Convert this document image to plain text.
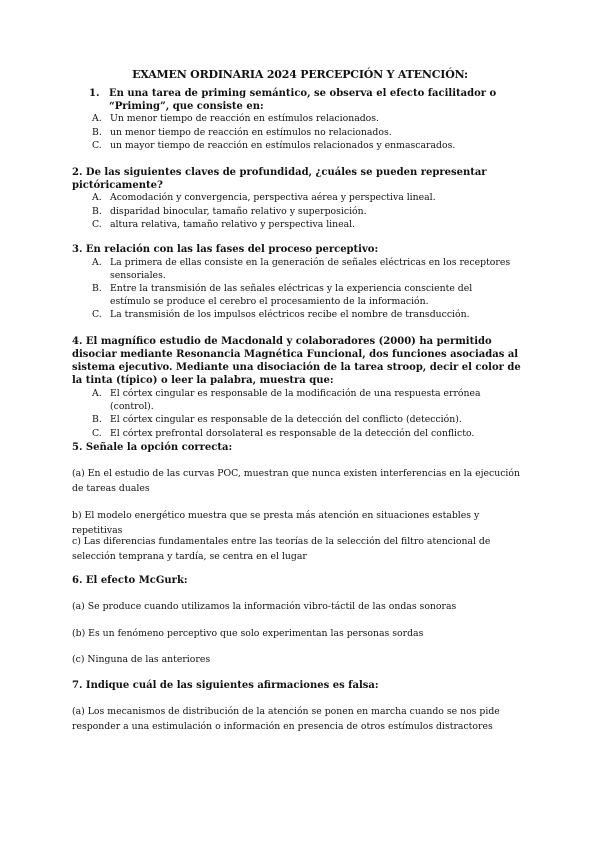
EXAMEN ORDINARIA 2024 PERCEPCIÓN Y ATENCIÓN:
1. En una tarea de priming semántico, se observa el efecto facilitador o “Priming”, que consiste en:
A. Un menor tiempo de reacción en estímulos relacionados.
B. un menor tiempo de reacción en estímulos no relacionados.
C. un mayor tiempo de reacción en estímulos relacionados y enmascarados.
2. De las siguientes claves de profundidad, ¿cuáles se pueden representar pictóricamente?
A. Acomodación y convergencia, perspectiva aérea y perspectiva lineal.
B. disparidad binocular, tamaño relativo y superposición.
C. altura relativa, tamaño relativo y perspectiva lineal.
3. En relación con las las fases del proceso perceptivo:
A. La primera de ellas consiste en la generación de señales eléctricas en los receptores sensoriales.
B. Entre la transmisión de las señales eléctricas y la experiencia consciente del estímulo se produce el cerebro el procesamiento de la información.
C. La transmisión de los impulsos eléctricos recibe el nombre de transducción.
4. El magnífico estudio de Macdonald y colaboradores (2000) ha permitido disociar mediante Resonancia Magnética Funcional, dos funciones asociadas al sistema ejecutivo. Mediante una disociación de la tarea stroop, decir el color de la tinta (típico) o leer la palabra, muestra que:
A. El córtex cingular es responsable de la modificación de una respuesta errónea (control).
B. El córtex cingular es responsable de la detección del conflicto (detección).
C. El córtex prefrontal dorsolateral es responsable de la detección del conflicto.
5. Señale la opción correcta:
(a) En el estudio de las curvas POC, muestran que nunca existen interferencias en la ejecución de tareas duales
b) El modelo energético muestra que se presta más atención en situaciones estables y repetitivas
c) Las diferencias fundamentales entre las teorías de la selección del filtro atencional de selección temprana y tardía, se centra en el lugar
6. El efecto McGurk:
(a) Se produce cuando utilizamos la información vibro-táctil de las ondas sonoras
(b) Es un fenómeno perceptivo que solo experimentan las personas sordas
(c) Ninguna de las anteriores
7. Indique cuál de las siguientes afirmaciones es falsa:
(a) Los mecanismos de distribución de la atención se ponen en marcha cuando se nos pide responder a una estimulación o información en presencia de otros estímulos distractores
